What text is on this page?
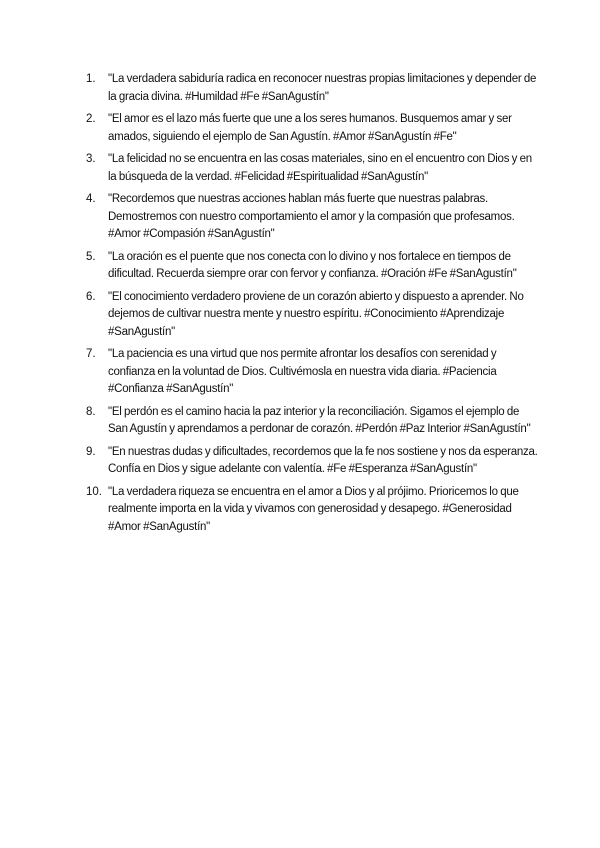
1.	"La verdadera sabiduría radica en reconocer nuestras propias limitaciones y depender de la gracia divina. #Humildad #Fe #SanAgustín"
2.	"El amor es el lazo más fuerte que une a los seres humanos. Busquemos amar y ser amados, siguiendo el ejemplo de San Agustín. #Amor #SanAgustín #Fe"
3.	"La felicidad no se encuentra en las cosas materiales, sino en el encuentro con Dios y en la búsqueda de la verdad. #Felicidad #Espiritualidad #SanAgustín"
4.	"Recordemos que nuestras acciones hablan más fuerte que nuestras palabras. Demostremos con nuestro comportamiento el amor y la compasión que profesamos. #Amor #Compasión #SanAgustín"
5.	"La oración es el puente que nos conecta con lo divino y nos fortalece en tiempos de dificultad. Recuerda siempre orar con fervor y confianza. #Oración #Fe #SanAgustín"
6.	"El conocimiento verdadero proviene de un corazón abierto y dispuesto a aprender. No dejemos de cultivar nuestra mente y nuestro espíritu. #Conocimiento #Aprendizaje #SanAgustín"
7.	"La paciencia es una virtud que nos permite afrontar los desafíos con serenidad y confianza en la voluntad de Dios. Cultivémosla en nuestra vida diaria. #Paciencia #Confianza #SanAgustín"
8.	"El perdón es el camino hacia la paz interior y la reconciliación. Sigamos el ejemplo de San Agustín y aprendamos a perdonar de corazón. #Perdón #Paz Interior #SanAgustín"
9.	"En nuestras dudas y dificultades, recordemos que la fe nos sostiene y nos da esperanza. Confía en Dios y sigue adelante con valentía. #Fe #Esperanza #SanAgustín"
10. "La verdadera riqueza se encuentra en el amor a Dios y al prójimo. Prioricemos lo que realmente importa en la vida y vivamos con generosidad y desapego. #Generosidad #Amor #SanAgustín"
